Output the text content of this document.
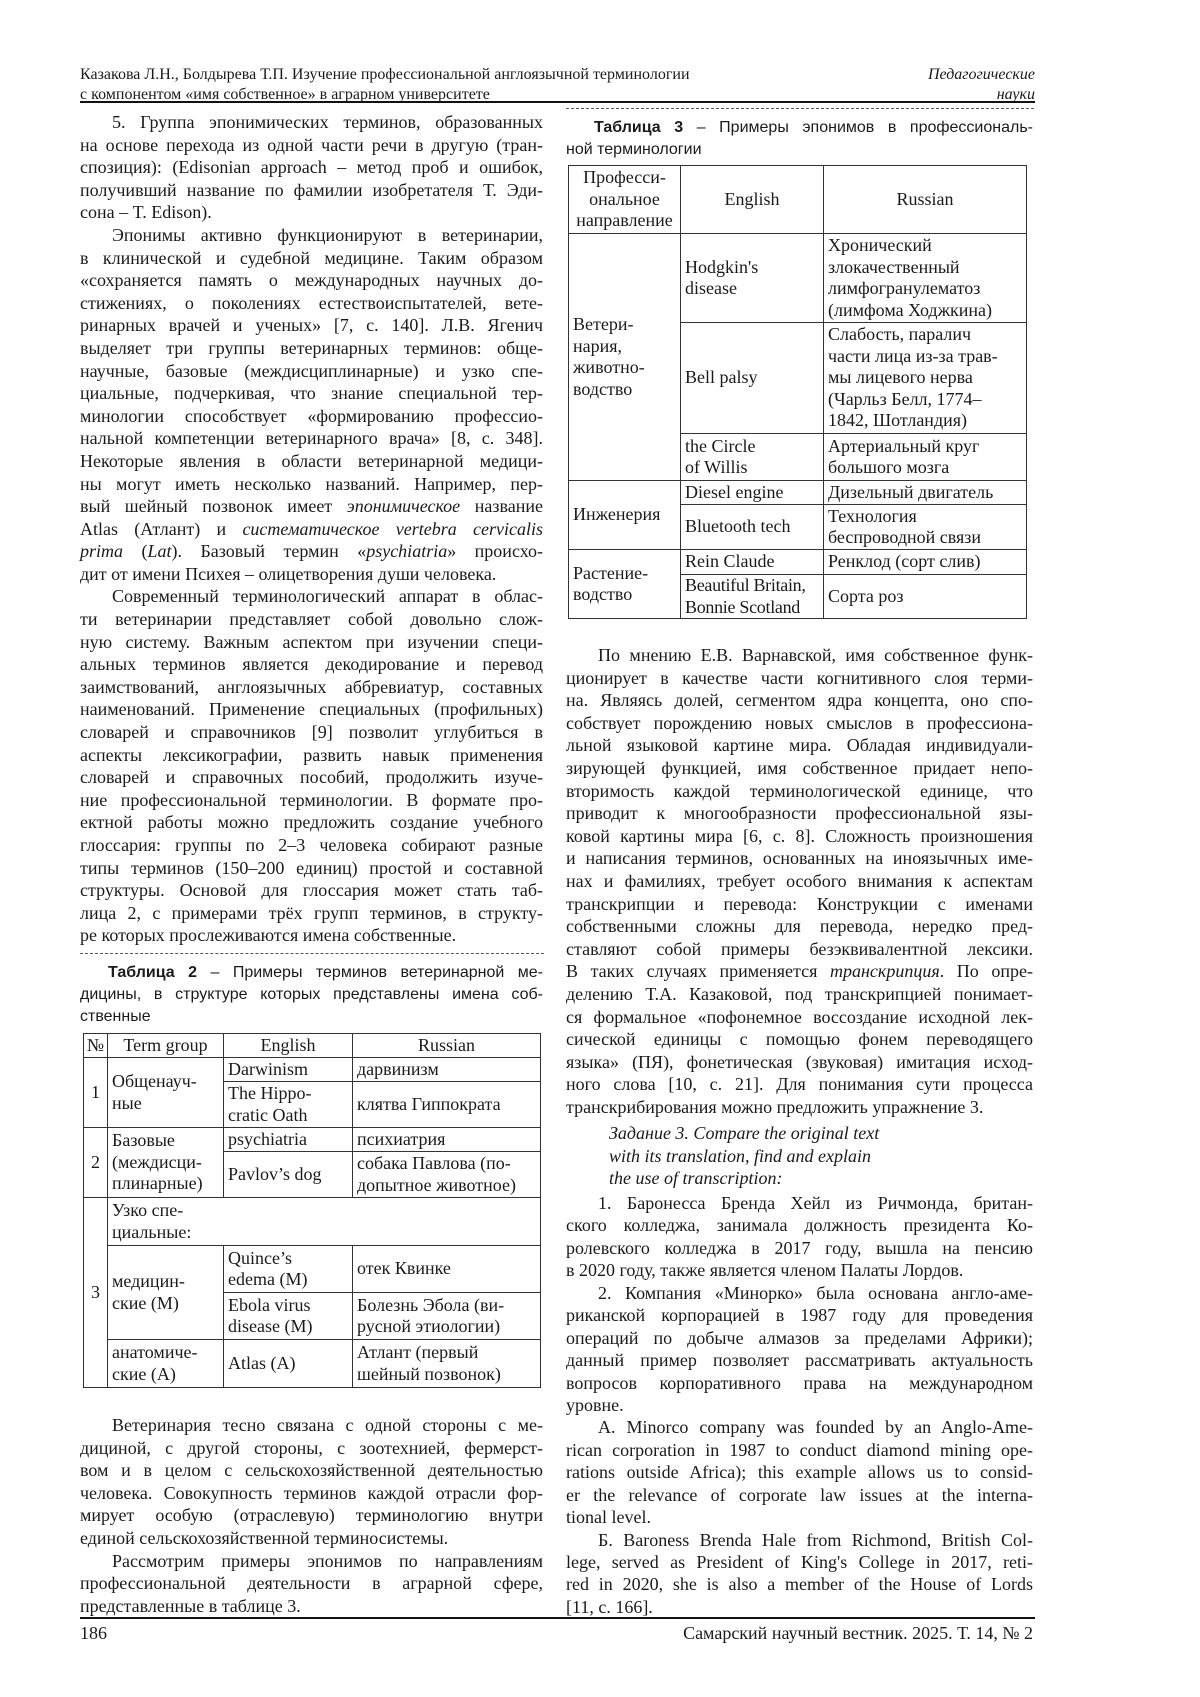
Казакова Л.Н., Болдырева Т.П. Изучение профессиональной англоязычной терминологии
с компонентом «имя собственное» в аграрном университете
Педагогические
науки
5. Группа эпонимических терминов, образованных
на основе перехода из одной части речи в другую (тран-
спозиция): (Edisonian approach – метод проб и ошибок,
получивший название по фамилии изобретателя Т. Эди-
сона – T. Edison).
Эпонимы активно функционируют в ветеринарии,
в клинической и судебной медицине. Таким образом
«сохраняется память о международных научных до-
стижениях, о поколениях естествоиспытателей, вете-
ринарных врачей и ученых» [7, с. 140]. Л.В. Ягенич
выделяет три группы ветеринарных терминов: обще-
научные, базовые (междисциплинарные) и узко спе-
циальные, подчеркивая, что знание специальной тер-
минологии способствует «формированию профессио-
нальной компетенции ветеринарного врача» [8, с. 348].
Некоторые явления в области ветеринарной медици-
ны могут иметь несколько названий. Например, пер-
вый шейный позвонок имеет эпонимическое название
Atlas (Атлант) и систематическое vertebra cervicalis
prima (Lat). Базовый термин «psychiatria» происхо-
дит от имени Психея – олицетворения души человека.
Современный терминологический аппарат в облас-
ти ветеринарии представляет собой довольно слож-
ную систему. Важным аспектом при изучении специ-
альных терминов является декодирование и перевод
заимствований, англоязычных аббревиатур, составных
наименований. Применение специальных (профильных)
словарей и справочников [9] позволит углубиться в
аспекты лексикографии, развить навык применения
словарей и справочных пособий, продолжить изуче-
ние профессиональной терминологии. В формате про-
ектной работы можно предложить создание учебного
глоссария: группы по 2–3 человека собирают разные
типы терминов (150–200 единиц) простой и составной
структуры. Основой для глоссария может стать таб-
лица 2, с примерами трёх групп терминов, в структу-
ре которых прослеживаются имена собственные.
Таблица 2 – Примеры терминов ветеринарной ме-
дицины, в структуре которых представлены имена соб-
ственные
№	Term group	English	Russian
1	Общенауч-
ные	Darwinism	дарвинизм
The Hippo-
cratic Oath	клятва Гиппократа
2	Базовые
(междисци-
плинарные)	psychiatria	психиатрия
Pavlov’s dog	собака Павлова (по-
допытное животное)
3	Узко спе-
циальные:
медицин-
ские (М)	Quince’s
edema (М)	отек Квинке
Ebola virus
disease (М)	Болезнь Эбола (ви-
русной этиологии)
анатомиче-
ские (А)	Atlas (А)	Атлант (первый
шейный позвонок)
Ветеринария тесно связана с одной стороны с ме-
дициной, с другой стороны, с зоотехнией, фермерст-
вом и в целом с сельскохозяйственной деятельностью
человека. Совокупность терминов каждой отрасли фор-
мирует особую (отраслевую) терминологию внутри
единой сельскохозяйственной терминосистемы.
Рассмотрим примеры эпонимов по направлениям
профессиональной деятельности в аграрной сфере,
представленные в таблице 3.
Таблица 3 – Примеры эпонимов в профессиональ-
ной терминологии
Професси-
ональное
направление	English	Russian
Ветери-
нария,
животно-
водство	Hodgkin's
disease	Хронический
злокачественный
лимфогранулематоз
(лимфома Ходжкина)
Bell palsy	Слабость, паралич
части лица из-за трав-
мы лицевого нерва
(Чарльз Белл, 1774–
1842, Шотландия)
the Circle
of Willis	Артериальный круг
большого мозга
Инженерия	Diesel engine	Дизельный двигатель
Bluetooth tech	Технология
беспроводной связи
Растение-
водство	Rein Claude	Ренклод (сорт слив)
Beautiful Britain,
Bonnie Scotland	Сорта роз
По мнению Е.В. Варнавской, имя собственное функ-
ционирует в качестве части когнитивного слоя терми-
на. Являясь долей, сегментом ядра концепта, оно спо-
собствует порождению новых смыслов в профессиона-
льной языковой картине мира. Обладая индивидуали-
зирующей функцией, имя собственное придает непо-
вторимость каждой терминологической единице, что
приводит к многообразности профессиональной язы-
ковой картины мира [6, с. 8]. Сложность произношения
и написания терминов, основанных на иноязычных име-
нах и фамилиях, требует особого внимания к аспектам
транскрипции и перевода: Конструкции с именами
собственными сложны для перевода, нередко пред-
ставляют собой примеры безэквивалентной лексики.
В таких случаях применяется транскрипция. По опре-
делению Т.А. Казаковой, под транскрипцией понимает-
ся формальное «пофонемное воссоздание исходной лек-
сической единицы с помощью фонем переводящего
языка» (ПЯ), фонетическая (звуковая) имитация исход-
ного слова [10, с. 21]. Для понимания сути процесса
транскрибирования можно предложить упражнение 3.
Задание 3. Compare the original text
with its translation, find and explain
the use of transcription:
1. Баронесса Бренда Хейл из Ричмонда, британ-
ского колледжа, занимала должность президента Ко-
ролевского колледжа в 2017 году, вышла на пенсию
в 2020 году, также является членом Палаты Лордов.
2. Компания «Минорко» была основана англо-аме-
риканской корпорацией в 1987 году для проведения
операций по добыче алмазов за пределами Африки);
данный пример позволяет рассматривать актуальность
вопросов корпоративного права на международном
уровне.
A. Minorco company was founded by an Anglo-Ame-
rican corporation in 1987 to conduct diamond mining ope-
rations outside Africa); this example allows us to consid-
er the relevance of corporate law issues at the interna-
tional level.
Б. Baroness Brenda Hale from Richmond, British Col-
lege, served as President of King's College in 2017, reti-
red in 2020, she is also a member of the House of Lords
[11, с. 166].
186	Самарский научный вестник. 2025. Т. 14, № 2
